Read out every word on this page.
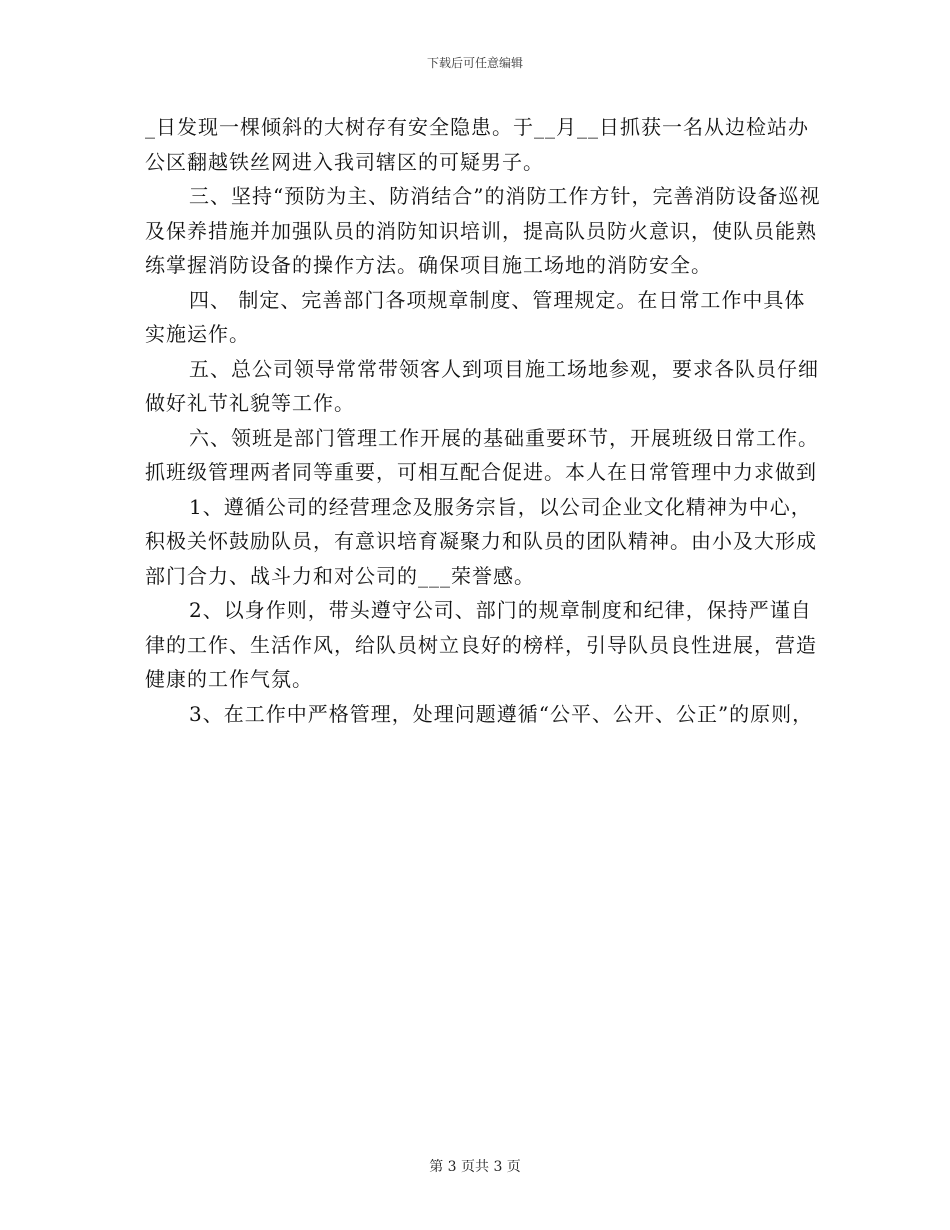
下载后可任意编辑

_日发现一棵倾斜的大树存有安全隐患。于__月__日抓获一名从边检站办公区翻越铁丝网进入我司辖区的可疑男子。

三、坚持“预防为主、防消结合”的消防工作方针，完善消防设备巡视及保养措施并加强队员的消防知识培训，提高队员防火意识，使队员能熟练掌握消防设备的操作方法。确保项目施工场地的消防安全。

四、 制定、完善部门各项规章制度、管理规定。在日常工作中具体实施运作。

五、总公司领导常常带领客人到项目施工场地参观，要求各队员仔细做好礼节礼貌等工作。

六、领班是部门管理工作开展的基础重要环节，开展班级日常工作。抓班级管理两者同等重要，可相互配合促进。本人在日常管理中力求做到

1、遵循公司的经营理念及服务宗旨，以公司企业文化精神为中心，积极关怀鼓励队员，有意识培育凝聚力和队员的团队精神。由小及大形成部门合力、战斗力和对公司的___荣誉感。

2、以身作则，带头遵守公司、部门的规章制度和纪律，保持严谨自律的工作、生活作风，给队员树立良好的榜样，引导队员良性进展，营造健康的工作气氛。

3、在工作中严格管理，处理问题遵循“公平、公开、公正”的原则，

第 3 页共 3 页
